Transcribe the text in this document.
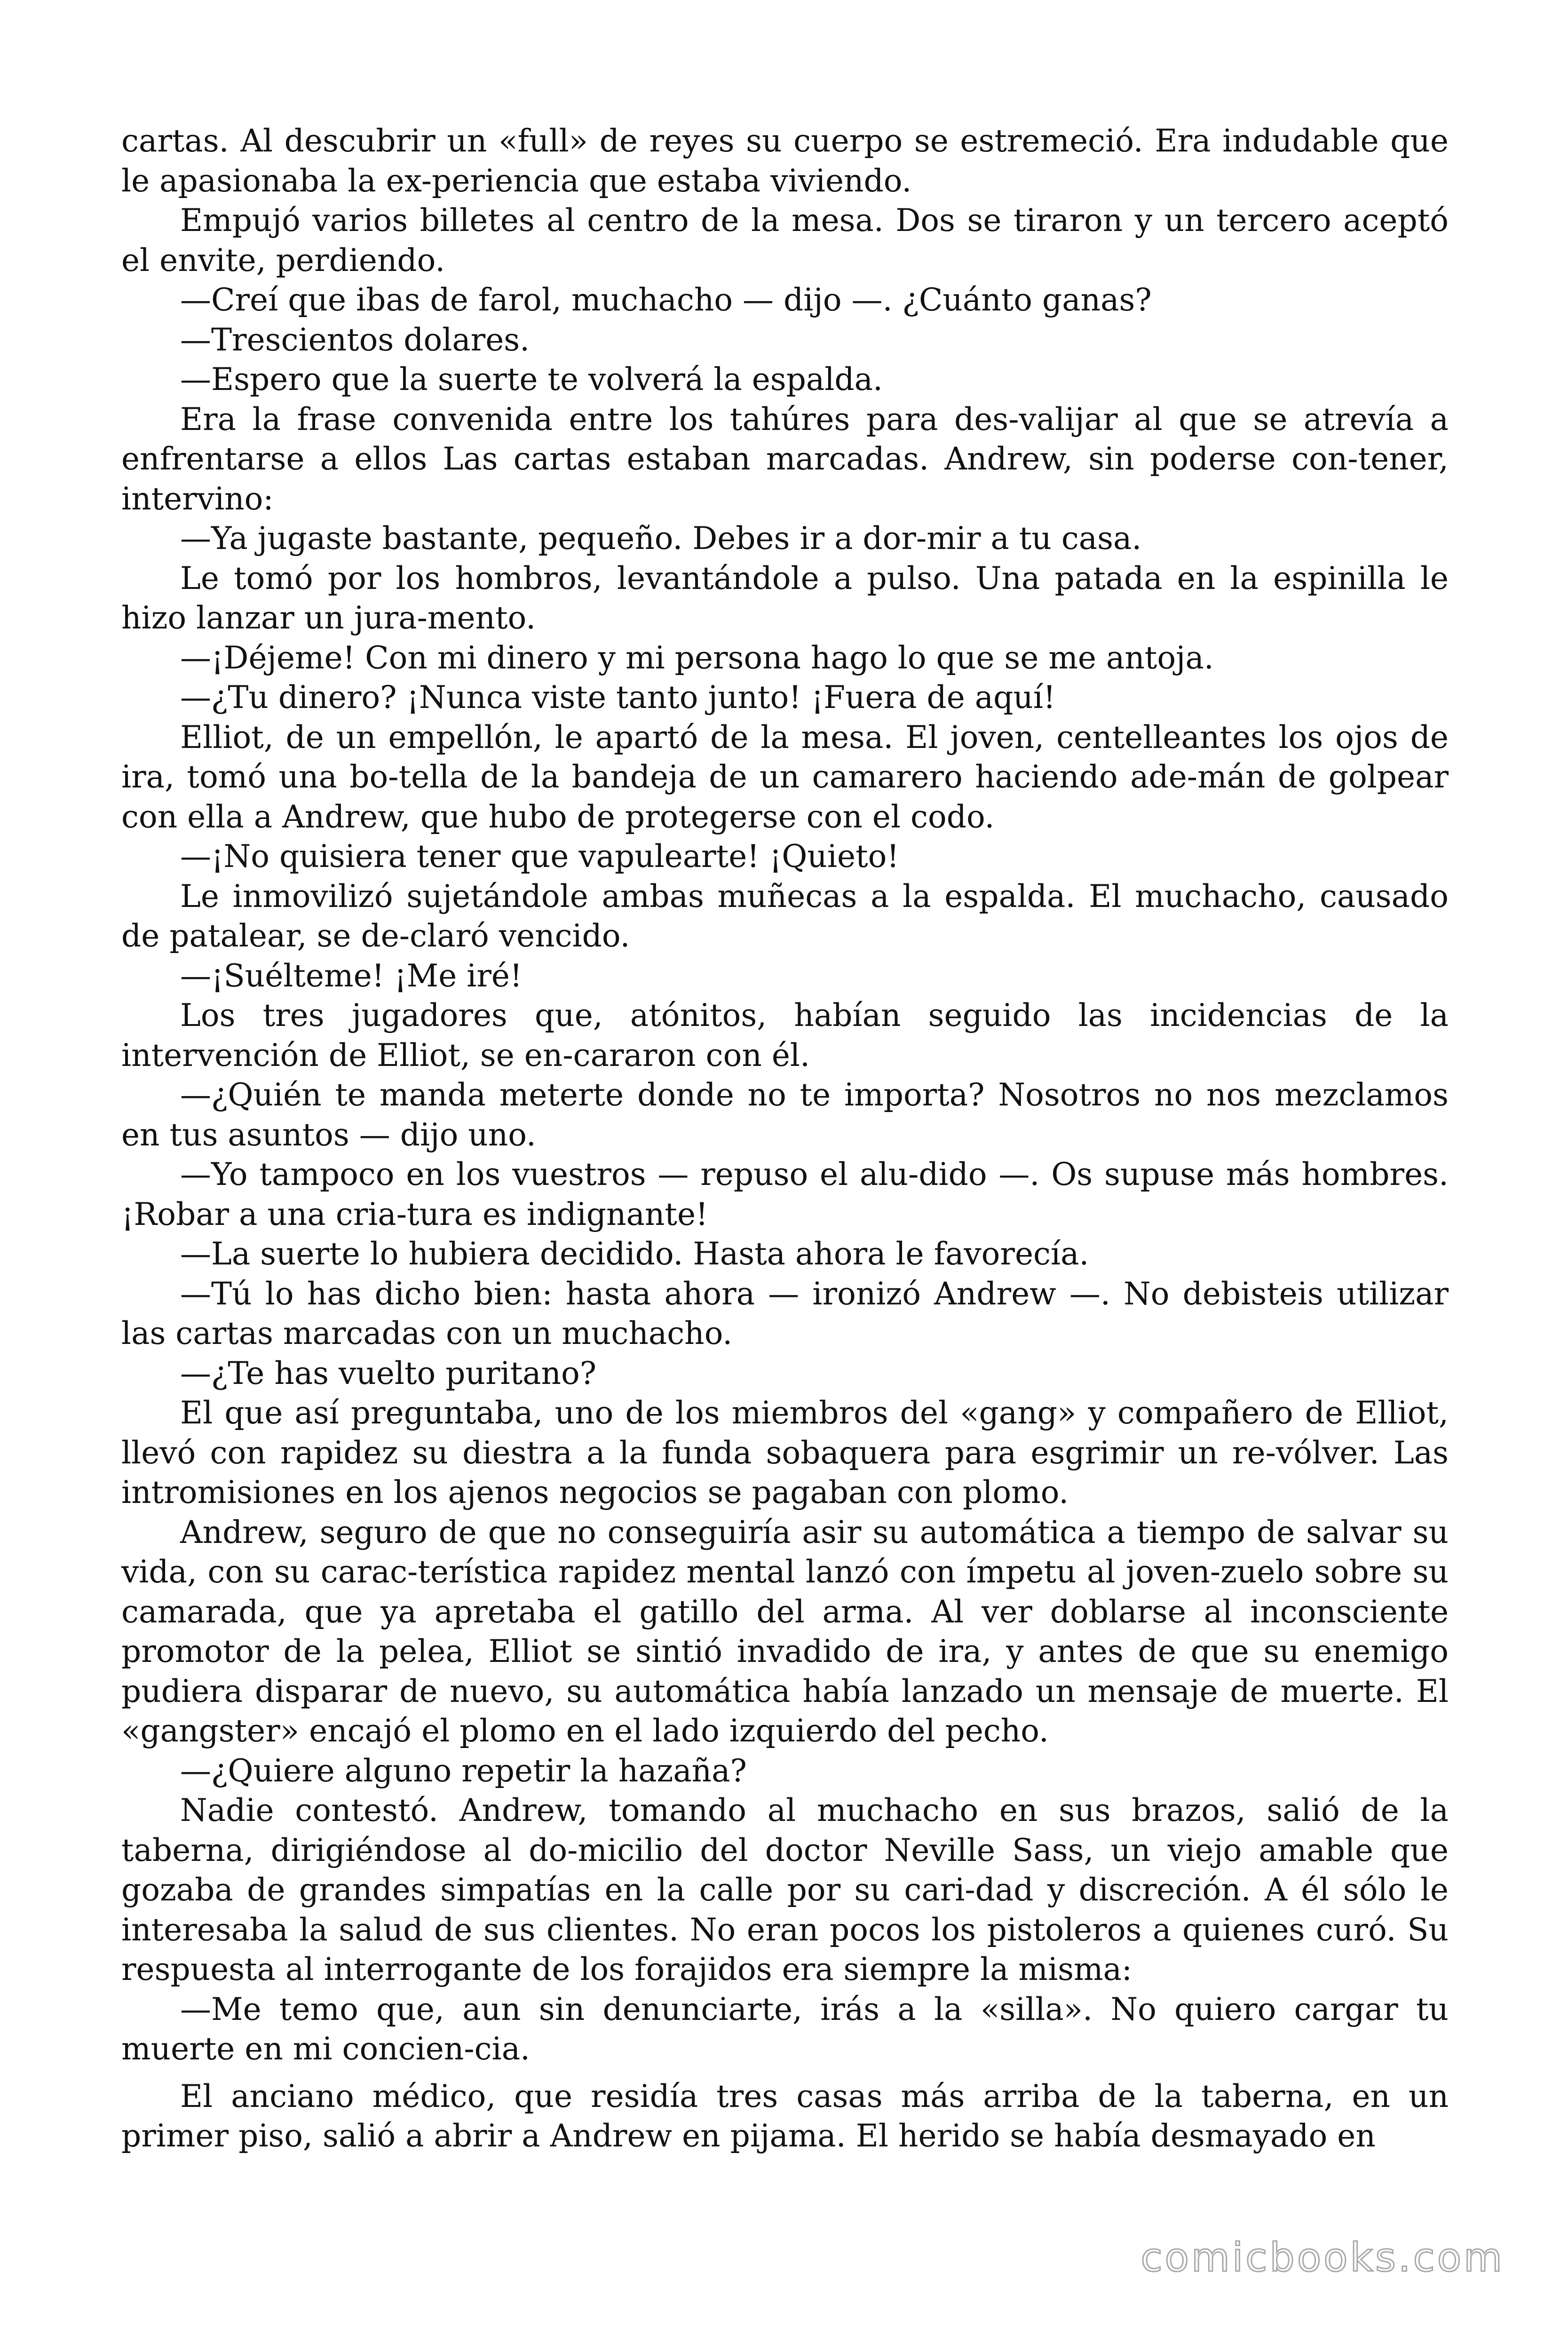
cartas. Al descubrir un «full» de reyes su cuerpo se estremeció. Era indudable que le apasionaba la ex-periencia que estaba viviendo.

Empujó varios billetes al centro de la mesa. Dos se tiraron y un tercero aceptó el envite, perdiendo.

—Creí que ibas de farol, muchacho — dijo —. ¿Cuánto ganas?

—Trescientos dolares.

—Espero que la suerte te volverá la espalda.

Era la frase convenida entre los tahúres para des-valijar al que se atrevía a enfrentarse a ellos Las cartas estaban marcadas. Andrew, sin poderse con-tener, intervino:

—Ya jugaste bastante, pequeño. Debes ir a dor-mir a tu casa.

Le tomó por los hombros, levantándole a pulso. Una patada en la espinilla le hizo lanzar un jura-mento.

—¡Déjeme! Con mi dinero y mi persona hago lo que se me antoja.

—¿Tu dinero? ¡Nunca viste tanto junto! ¡Fuera de aquí!

Elliot, de un empellón, le apartó de la mesa. El joven, centelleantes los ojos de ira, tomó una bo-tella de la bandeja de un camarero haciendo ade-mán de golpear con ella a Andrew, que hubo de protegerse con el codo.

—¡No quisiera tener que vapulearte! ¡Quieto!

Le inmovilizó sujetándole ambas muñecas a la espalda. El muchacho, causado de patalear, se de-claró vencido.

—¡Suélteme! ¡Me iré!

Los tres jugadores que, atónitos, habían seguido las incidencias de la intervención de Elliot, se en-cararon con él.

—¿Quién te manda meterte donde no te importa? Nosotros no nos mezclamos en tus asuntos — dijo uno.

—Yo tampoco en los vuestros — repuso el alu-dido —. Os supuse más hombres. ¡Robar a una cria-tura es indignante!

—La suerte lo hubiera decidido. Hasta ahora le favorecía.

—Tú lo has dicho bien: hasta ahora — ironizó Andrew —. No debisteis utilizar las cartas marcadas con un muchacho.

—¿Te has vuelto puritano?

El que así preguntaba, uno de los miembros del «gang» y compañero de Elliot, llevó con rapidez su diestra a la funda sobaquera para esgrimir un re-vólver. Las intromisiones en los ajenos negocios se pagaban con plomo.

Andrew, seguro de que no conseguiría asir su automática a tiempo de salvar su vida, con su carac-terística rapidez mental lanzó con ímpetu al joven-zuelo sobre su camarada, que ya apretaba el gatillo del arma. Al ver doblarse al inconsciente promotor de la pelea, Elliot se sintió invadido de ira, y antes de que su enemigo pudiera disparar de nuevo, su automática había lanzado un mensaje de muerte. El «gangster» encajó el plomo en el lado izquierdo del pecho.

—¿Quiere alguno repetir la hazaña?

Nadie contestó. Andrew, tomando al muchacho en sus brazos, salió de la taberna, dirigiéndose al do-micilio del doctor Neville Sass, un viejo amable que gozaba de grandes simpatías en la calle por su cari-dad y discreción. A él sólo le interesaba la salud de sus clientes. No eran pocos los pistoleros a quienes curó. Su respuesta al interrogante de los forajidos era siempre la misma:

—Me temo que, aun sin denunciarte, irás a la «silla». No quiero cargar tu muerte en mi concien-cia.

El anciano médico, que residía tres casas más arriba de la taberna, en un primer piso, salió a abrir a Andrew en pijama. El herido se había desmayado en

comicbooks.com
